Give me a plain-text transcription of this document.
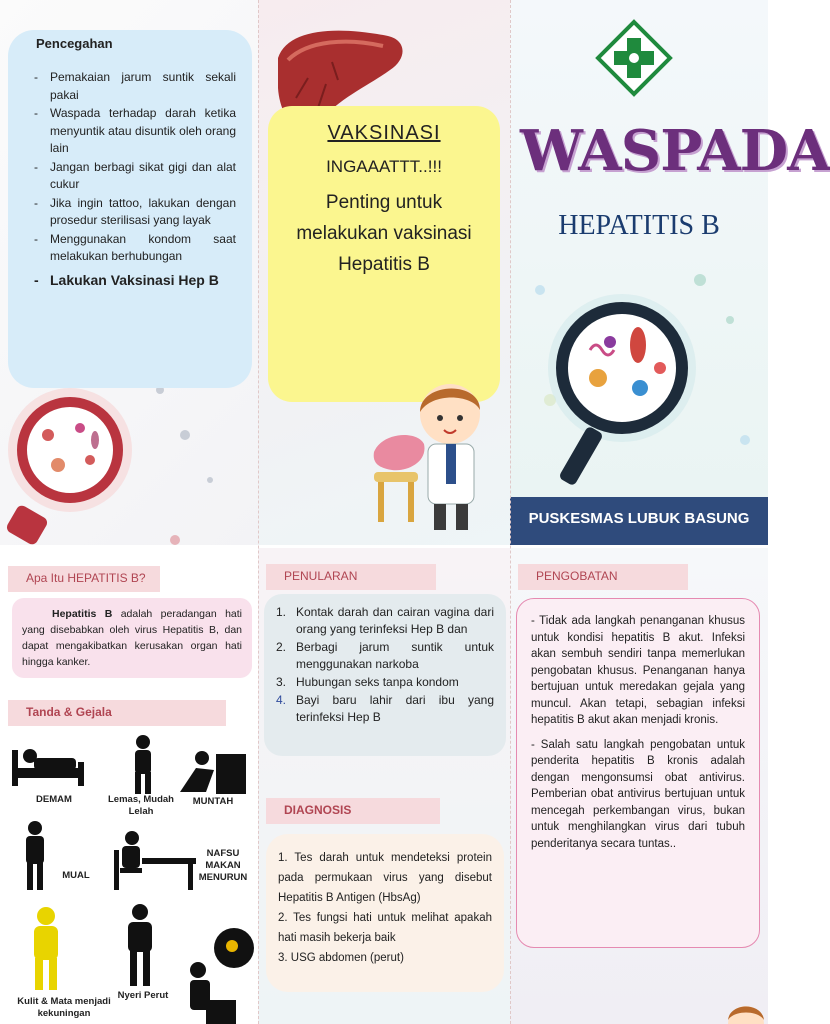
Pencegahan
- Pemakaian jarum suntik sekali pakai
- Waspada terhadap darah ketika menyuntik atau disuntik oleh orang lain
- Jangan berbagi sikat gigi dan alat cukur
- Jika ingin tattoo, lakukan dengan prosedur sterilisasi yang layak
- Menggunakan kondom saat melakukan berhubungan
- Lakukan Vaksinasi Hep B
VAKSINASI
INGAAATTT..!!!
Penting untuk melakukan vaksinasi Hepatitis B
WASPADA
HEPATITIS B
PUSKESMAS LUBUK BASUNG
Apa Itu HEPATITIS B?
Hepatitis B adalah peradangan hati yang disebabkan oleh virus Hepatitis B, dan dapat mengakibatkan kerusakan organ hati hingga kanker.
Tanda & Gejala
DEMAM	Lemas, Mudah Lelah
MUNTAH
MUAL
NAFSU MAKAN MENURUN
Kulit & Mata menjadi kekuningan
Nyeri Perut
PENULARAN
1. Kontak darah dan cairan vagina dari orang yang terinfeksi Hep B dan
2. Berbagi jarum suntik untuk menggunakan narkoba
3. Hubungan seks tanpa kondom
4. Bayi baru lahir dari ibu yang terinfeksi Hep B
DIAGNOSIS

1. Tes darah untuk mendeteksi protein pada permukaan virus yang disebut Hepatitis B Antigen (HbsAg)

2. Tes fungsi hati untuk melihat apakah hati masih bekerja baik

3. USG abdomen (perut)

PENGOBATAN

- Tidak ada langkah penanganan khusus untuk kondisi hepatitis B akut. Infeksi akan sembuh sendiri tanpa memerlukan pengobatan khusus. Penanganan hanya bertujuan untuk meredakan gejala yang muncul. Akan tetapi, sebagian infeksi hepatitis B akut akan menjadi kronis.

- Salah satu langkah pengobatan untuk penderita hepatitis B kronis adalah dengan mengonsumsi obat antivirus. Pemberian obat antivirus bertujuan untuk mencegah perkembangan virus, bukan untuk menghilangkan virus dari tubuh penderitanya secara tuntas..
